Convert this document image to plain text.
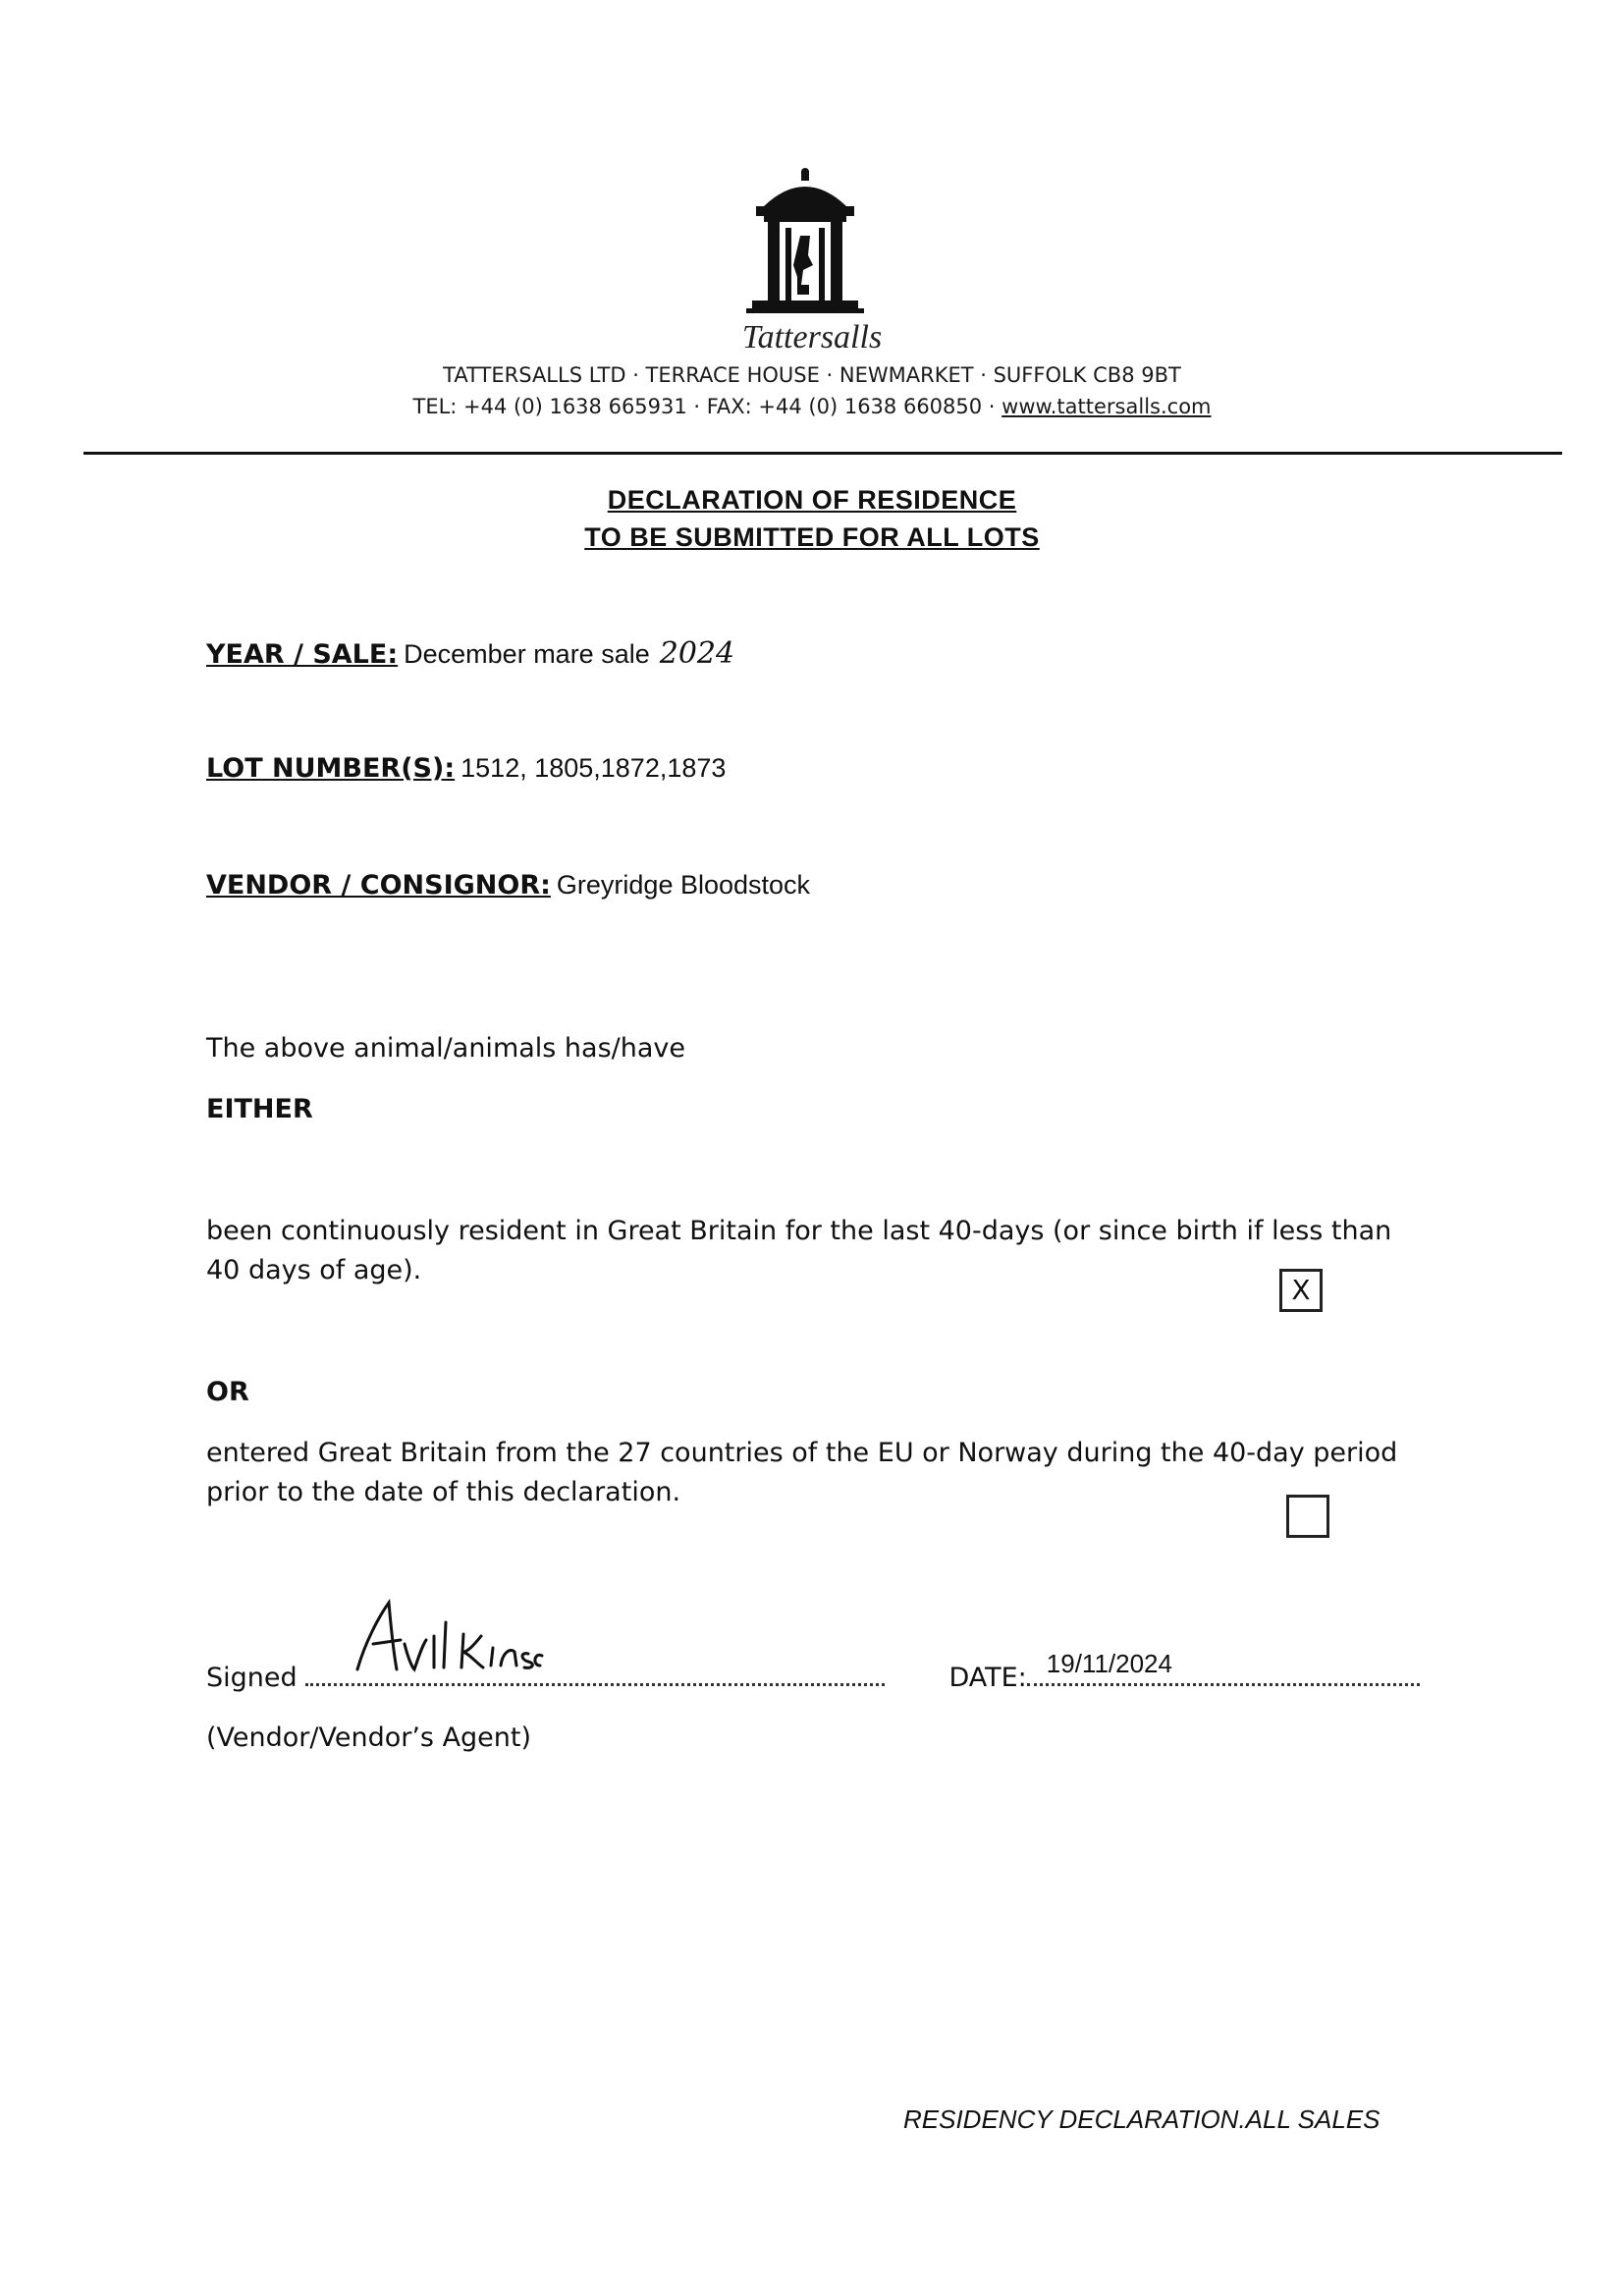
Tattersalls
TATTERSALLS LTD · TERRACE HOUSE · NEWMARKET · SUFFOLK CB8 9BT
TEL: +44 (0) 1638 665931 · FAX: +44 (0) 1638 660850 · www.tattersalls.com
DECLARATION OF RESIDENCE
TO BE SUBMITTED FOR ALL LOTS
YEAR / SALE: December mare sale 2024
LOT NUMBER(S): 1512, 1805,1872,1873
VENDOR / CONSIGNOR: Greyridge Bloodstock
The above animal/animals has/have
EITHER
been continuously resident in Great Britain for the last 40-days (or since birth if less than 40 days of age).
X
OR
entered Great Britain from the 27 countries of the EU or Norway during the 40-day period prior to the date of this declaration.
Signed	DATE: 19/11/2024
(Vendor/Vendor’s Agent)
RESIDENCY DECLARATION.ALL SALES
